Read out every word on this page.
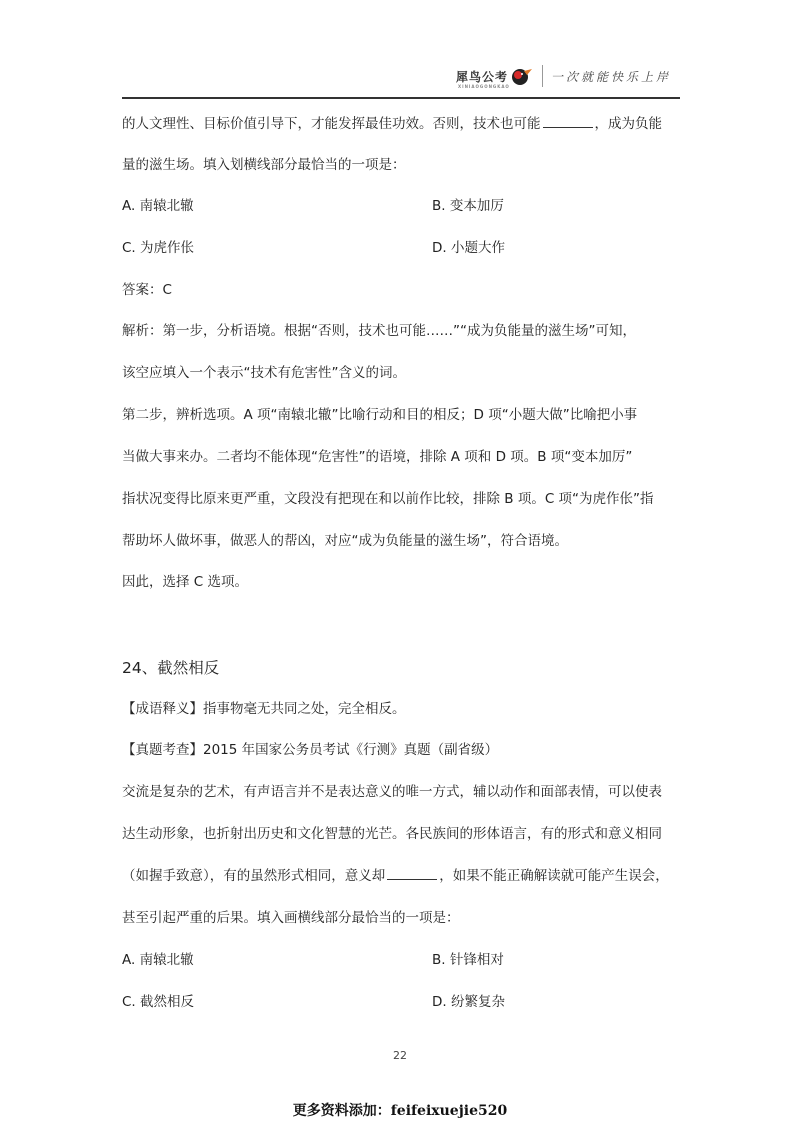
犀鸟公考
XINIAOGONGKAO
一次就能快乐上岸
的人文理性、目标价值引导下，才能发挥最佳功效。否则，技术也可能	，成为负能
量的滋生场。填入划横线部分最恰当的一项是：
A. 南辕北辙	B. 变本加厉
C. 为虎作伥	D. 小题大作
答案：C
解析：第一步，分析语境。根据“否则，技术也可能……”“成为负能量的滋生场”可知，
该空应填入一个表示“技术有危害性”含义的词。
第二步，辨析选项。A 项“南辕北辙”比喻行动和目的相反；D 项“小题大做”比喻把小事
当做大事来办。二者均不能体现“危害性”的语境，排除 A 项和 D 项。B 项“变本加厉”
指状况变得比原来更严重，文段没有把现在和以前作比较，排除 B 项。C 项“为虎作伥”指
帮助坏人做坏事，做恶人的帮凶，对应“成为负能量的滋生场”，符合语境。
因此，选择 C 选项。
24、截然相反
【成语释义】指事物毫无共同之处，完全相反。
【真题考查】2015 年国家公务员考试《行测》真题（副省级）
交流是复杂的艺术，有声语言并不是表达意义的唯一方式，辅以动作和面部表情，可以使表
达生动形象，也折射出历史和文化智慧的光芒。各民族间的形体语言，有的形式和意义相同
（如握手致意），有的虽然形式相同，意义却	，如果不能正确解读就可能产生误会，
甚至引起严重的后果。填入画横线部分最恰当的一项是：
A. 南辕北辙	B. 针锋相对
C. 截然相反	D. 纷繁复杂
22
更多资料添加：feifeixuejie520
